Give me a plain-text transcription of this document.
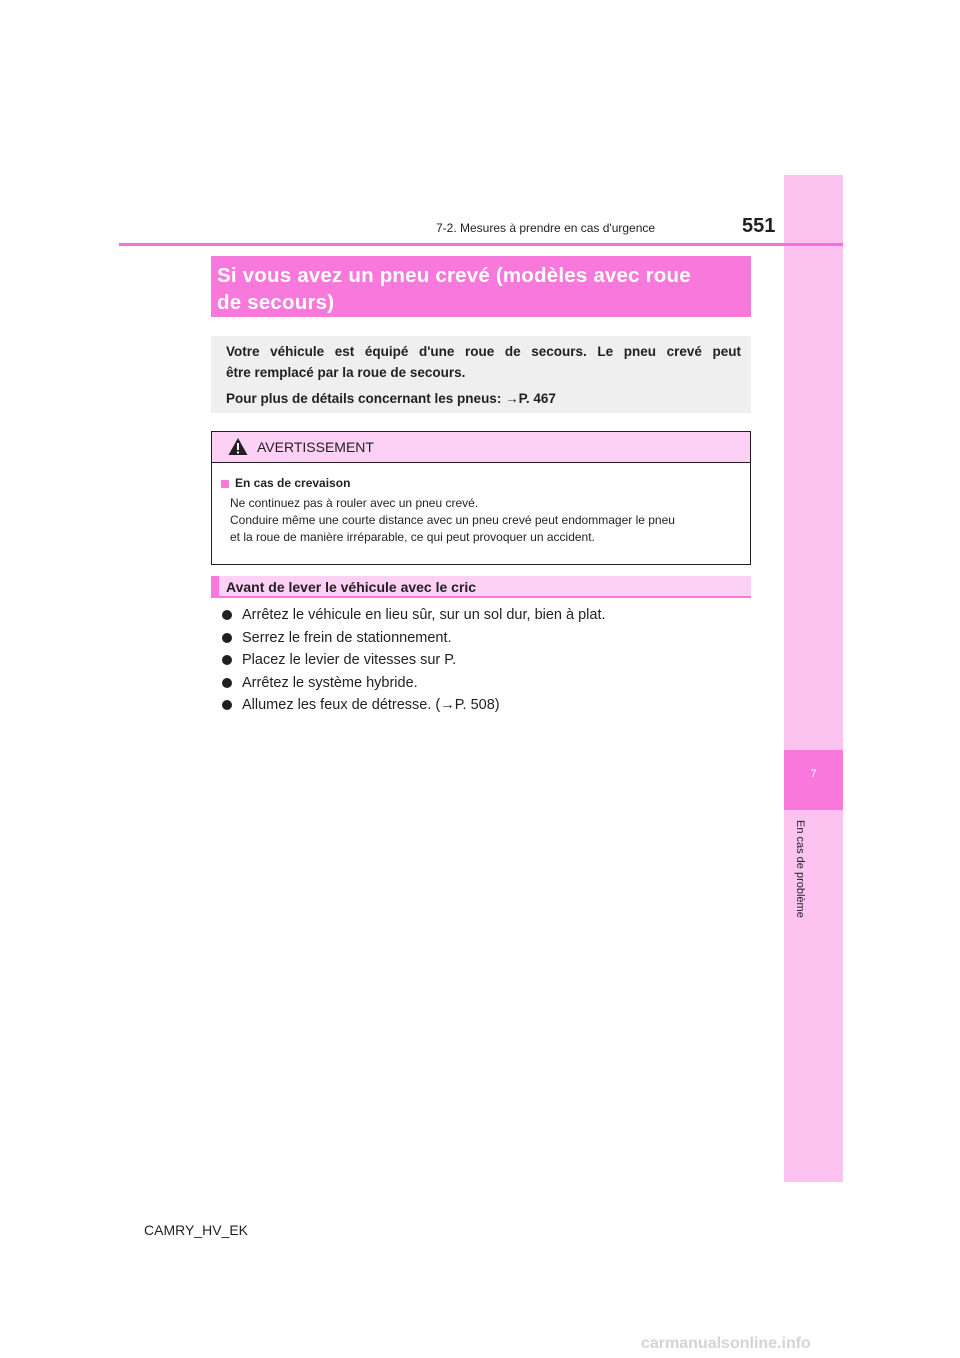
7
En cas de problème
7-2. Mesures à prendre en cas d'urgence	551
Si vous avez un pneu crevé (modèles avec roue
de secours)
Votre véhicule est équipé d'une roue de secours. Le pneu crevé peut
être remplacé par la roue de secours.
Pour plus de détails concernant les pneus: →P. 467
AVERTISSEMENT
En cas de crevaison
Ne continuez pas à rouler avec un pneu crevé.
Conduire même une courte distance avec un pneu crevé peut endommager le pneu
et la roue de manière irréparable, ce qui peut provoquer un accident.
Avant de lever le véhicule avec le cric
Arrêtez le véhicule en lieu sûr, sur un sol dur, bien à plat.
Serrez le frein de stationnement.
Placez le levier de vitesses sur P.
Arrêtez le système hybride.
Allumez les feux de détresse. (→P. 508)
CAMRY_HV_EK
carmanualsonline.info
